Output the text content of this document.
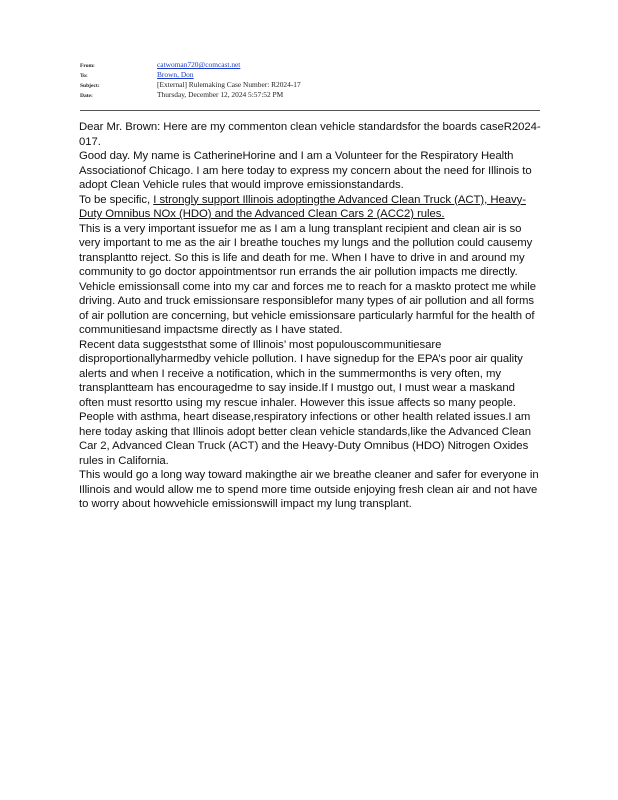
From:	catwoman720@comcast.net
To:	Brown, Don
Subject:	[External] Rulemaking Case Number: R2024-17
Date:	Thursday, December 12, 2024 5:57:52 PM

Dear Mr. Brown: Here are my commenton clean vehicle standardsfor the boards caseR2024-017.

Good day. My name is CatherineHorine and I am a Volunteer for the Respiratory Health Associationof Chicago. I am here today to express my concern about the need for Illinois to adopt Clean Vehicle rules that would improve emissionstandards.

To be specific, I strongly support Illinois adoptingthe Advanced Clean Truck (ACT), Heavy-Duty Omnibus NOx (HDO) and the Advanced Clean Cars 2 (ACC2) rules.

This is a very important issuefor me as I am a lung transplant recipient and clean air is so very important to me as the air I breathe touches my lungs and the pollution could causemy transplantto reject. So this is life and death for me. When I have to drive in and around my community to go doctor appointmentsor run errands the air pollution impacts me directly. Vehicle emissionsall come into my car and forces me to reach for a maskto protect me while driving. Auto and truck emissionsare responsiblefor many types of air pollution and all forms of air pollution are concerning, but vehicle emissionsare particularly harmful for the health of communitiesand impactsme directly as I have stated.

Recent data suggeststhat some of Illinois’ most populouscommunitiesare disproportionallyharmedby vehicle pollution. I have signedup for the EPA’s poor air quality alerts and when I receive a notification, which in the summermonths is very often, my transplantteam has encouragedme to say inside.If I mustgo out, I must wear a maskand often must resortto using my rescue inhaler. However this issue affects so many people. People with asthma, heart disease,respiratory infections or other health related issues.I am here today asking that Illinois adopt better clean vehicle standards,like the Advanced Clean Car 2, Advanced Clean Truck (ACT) and the Heavy-Duty Omnibus (HDO) Nitrogen Oxides rules in California.

This would go a long way toward makingthe air we breathe cleaner and safer for everyone in Illinois and would allow me to spend more time outside enjoying fresh clean air and not have to worry about howvehicle emissionswill impact my lung transplant.
